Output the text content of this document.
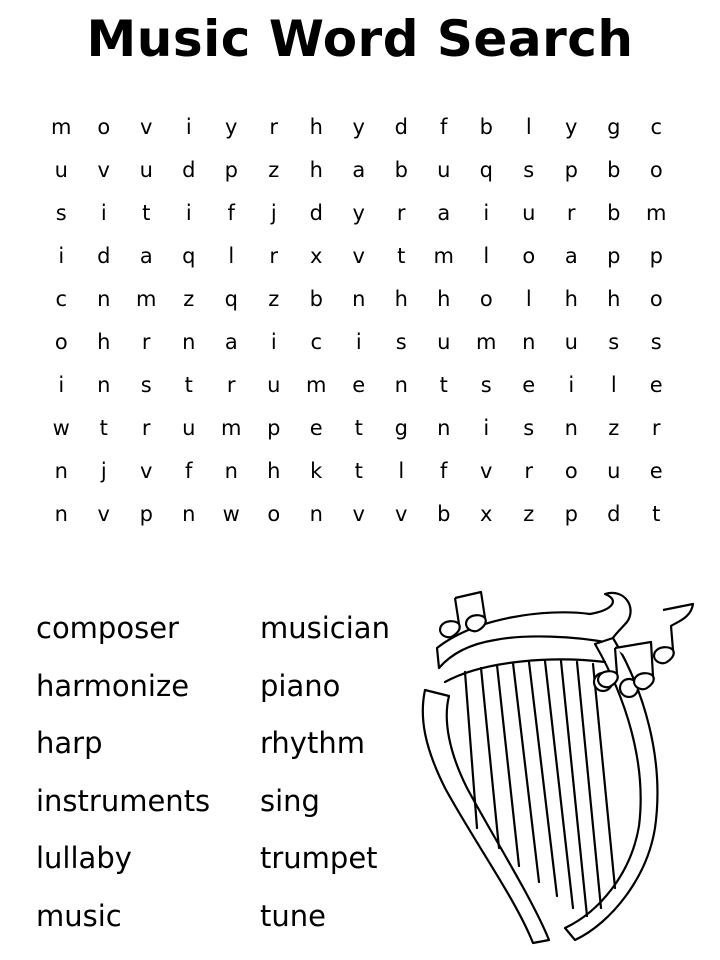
Music Word Search
m	o	v	i	y	r	h	y	d	f	b	l	y	g	c
u	v	u	d	p	z	h	a	b	u	q	s	p	b	o
s	i	t	i	f	j	d	y	r	a	i	u	r	b	m
i	d	a	q	l	r	x	v	t	m	l	o	a	p	p
c	n	m	z	q	z	b	n	h	h	o	l	h	h	o
o	h	r	n	a	i	c	i	s	u	m	n	u	s	s
i	n	s	t	r	u	m	e	n	t	s	e	i	l	e
w	t	r	u	m	p	e	t	g	n	i	s	n	z	r
n	j	v	f	n	h	k	t	l	f	v	r	o	u	e
n	v	p	n	w	o	n	v	v	b	x	z	p	d	t
composer
harmonize
harp
instruments
lullaby
music
musician
piano
rhythm
sing
trumpet
tune
